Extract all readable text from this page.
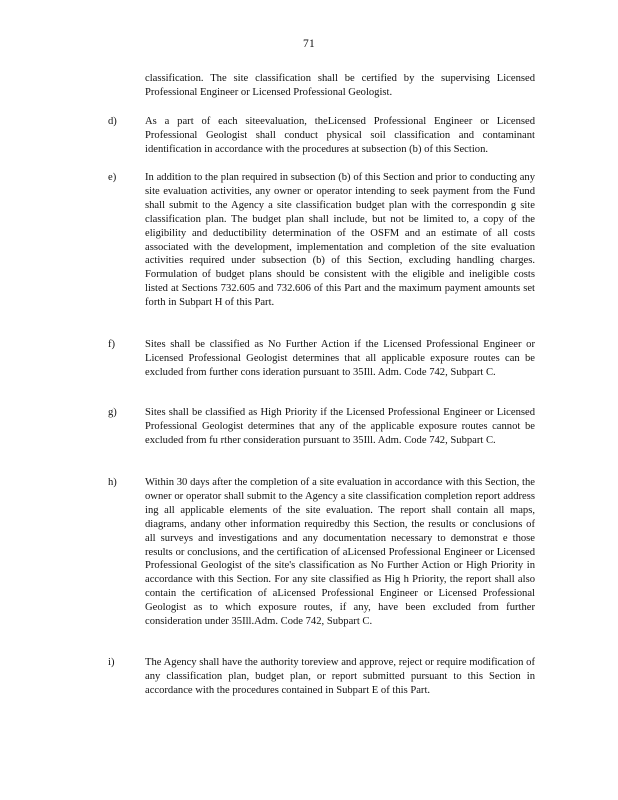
71
classification. The site classification shall be certified by the supervising Licensed Professional Engineer or Licensed Professional Geologist.
d)	As a part of each siteevaluation, theLicensed Professional Engineer or Licensed Professional Geologist shall conduct physical soil classification and contaminant identification in accordance with the procedures at subsection (b) of this Section.
e)	In addition to the plan required in subsection (b) of this Section and prior to conducting any site evaluation activities, any owner or operator intending to seek payment from the Fund shall submit to the Agency a site classification budget plan with the correspondin g site classification plan. The budget plan shall include, but not be limited to, a copy of the eligibility and deductibility determination of the OSFM and an estimate of all costs associated with the development, implementation and completion of the site evaluation activities required under subsection (b) of this Section, excluding handling charges. Formulation of budget plans should be consistent with the eligible and ineligible costs listed at Sections 732.605 and 732.606 of this Part and the maximum payment amounts set forth in Subpart H of this Part.
f)	Sites shall be classified as No Further Action if the Licensed Professional Engineer or Licensed Professional Geologist determines that all applicable exposure routes can be excluded from further cons ideration pursuant to 35Ill. Adm. Code 742, Subpart C.
g)	Sites shall be classified as High Priority if the Licensed Professional Engineer or Licensed Professional Geologist determines that any of the applicable exposure routes cannot be excluded from fu rther consideration pursuant to 35Ill. Adm. Code 742, Subpart C.
h)	Within 30 days after the completion of a site evaluation in accordance with this Section, the owner or operator shall submit to the Agency a site classification completion report address ing all applicable elements of the site evaluation. The report shall contain all maps, diagrams, andany other information requiredby this Section, the results or conclusions of all surveys and investigations and any documentation necessary to demonstrat e those results or conclusions, and the certification of aLicensed Professional Engineer or Licensed Professional Geologist of the site's classification as No Further Action or High Priority in accordance with this Section. For any site classified as Hig h Priority, the report shall also contain the certification of aLicensed Professional Engineer or Licensed Professional Geologist as to which exposure routes, if any, have been excluded from further consideration under 35Ill.Adm. Code 742, Subpart C.
i)	The Agency shall have the authority toreview and approve, reject or require modification of any classification plan, budget plan, or report submitted pursuant to this Section in accordance with the procedures contained in Subpart E of this Part.
